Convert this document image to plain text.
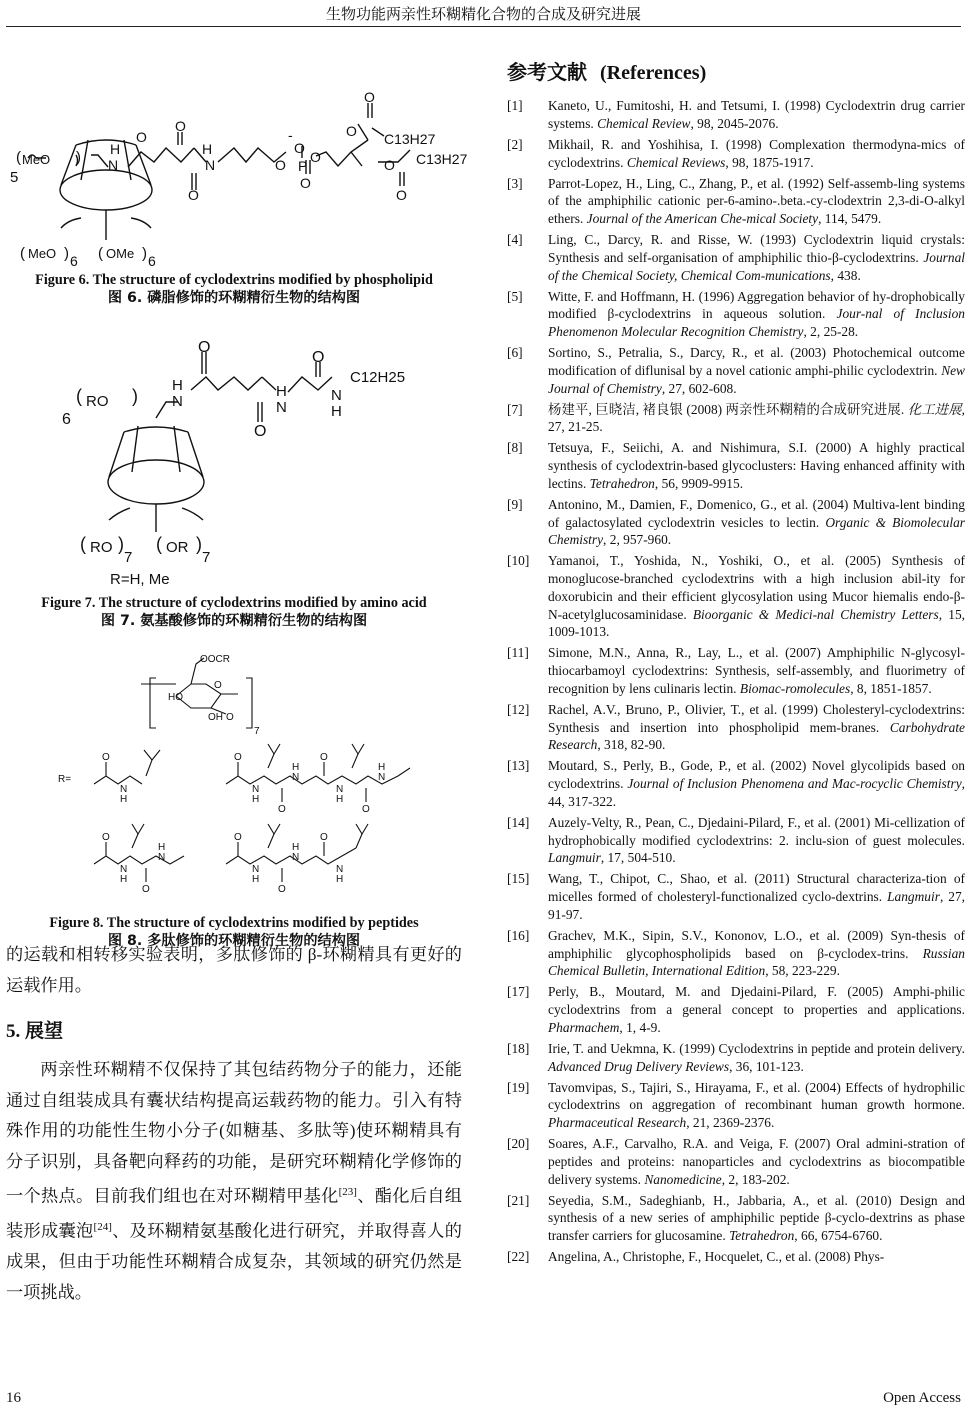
生物功能两亲性环糊精化合物的合成及研究进展
5
( MeO ) H
N
O
O
H
N
O
O
-
O
P
O
O
O
O C13H27
O
O
C13H27
( MeO ) 6 ( OMe ) 6
Figure 6. The structure of cyclodextrins modified by phospholipid
图 6. 磷脂修饰的环糊精衍生物的结构图
6
( RO )
H
N
O
H
N
O
O
N
H
C12H25
( RO )
7
( OR )
7
R=H, Me
Figure 7. The structure of cyclodextrins modified by amino acid
图 7. 氨基酸修饰的环糊精衍生物的结构图
OOCR
O
HO
OH O
7
R=
O
N
H
O
N
H
O
H
N
O
N
H
O
H
N
O
N
H
O
H
N
O
N
H
O
H
N
O
N
H
Figure 8. The structure of cyclodextrins modified by peptides
图 8. 多肽修饰的环糊精衍生物的结构图
的运载和相转移实验表明，多肽修饰的 β-环糊精具有更好的运载作用。
5. 展望
两亲性环糊精不仅保持了其包结药物分子的能力，还能通过自组装成具有囊状结构提高运载药物的能力。引入有特殊作用的功能性生物小分子(如糖基、多肽等)使环糊精具有分子识别，具备靶向释药的功能，是研究环糊精化学修饰的一个热点。目前我们组也在对环糊精甲基化[23]、酯化后自组装形成囊泡[24]、及环糊精氨基酸化进行研究，并取得喜人的成果，但由于功能性环糊精合成复杂，其领域的研究仍然是一项挑战。
参考文献 (References)
[1]	Kaneto, U., Fumitoshi, H. and Tetsumi, I. (1998) Cyclodextrin drug carrier systems. Chemical Review, 98, 2045-2076.
[2]	Mikhail, R. and Yoshihisa, I. (1998) Complexation thermodyna-mics of cyclodextrins. Chemical Reviews, 98, 1875-1917.
[3]	Parrot-Lopez, H., Ling, C., Zhang, P., et al. (1992) Self-assemb-ling systems of the amphiphilic cationic per-6-amino-.beta.-cy-clodextrin 2,3-di-O-alkyl ethers. Journal of the American Che-mical Society, 114, 5479.
[4]	Ling, C., Darcy, R. and Risse, W. (1993) Cyclodextrin liquid crystals: Synthesis and self-organisation of amphiphilic thio-β-cyclodextrins. Journal of the Chemical Society, Chemical Com-munications, 438.
[5]	Witte, F. and Hoffmann, H. (1996) Aggregation behavior of hy-drophobically modified β-cyclodextrins in aqueous solution. Jour-nal of Inclusion Phenomenon Molecular Recognition Chemistry, 2, 25-28.
[6]	Sortino, S., Petralia, S., Darcy, R., et al. (2003) Photochemical outcome modification of diflunisal by a novel cationic amphi-philic cyclodextrin. New Journal of Chemistry, 27, 602-608.
[7]	杨建平, 巨晓洁, 褚良银 (2008) 两亲性环糊精的合成研究进展. 化工进展, 27, 21-25.
[8]	Tetsuya, F., Seiichi, A. and Nishimura, S.I. (2000) A highly practical synthesis of cyclodextrin-based glycoclusters: Having enhanced affinity with lectins. Tetrahedron, 56, 9909-9915.
[9]	Antonino, M., Damien, F., Domenico, G., et al. (2004) Multiva-lent binding of galactosylated cyclodextrin vesicles to lectin. Organic & Biomolecular Chemistry, 2, 957-960.
[10]	Yamanoi, T., Yoshida, N., Yoshiki, O., et al. (2005) Synthesis of monoglucose-branched cyclodextrins with a high inclusion abil-ity for doxorubicin and their efficient glycosylation using Mucor hiemalis endo-β-N-acetylglucosaminidase. Bioorganic & Medici-nal Chemistry Letters, 15, 1009-1013.
[11]	Simone, M.N., Anna, R., Lay, L., et al. (2007) Amphiphilic N-glycosyl-thiocarbamoyl cyclodextrins: Synthesis, self-assembly, and fluorimetry of recognition by lens culinaris lectin. Biomac-romolecules, 8, 1851-1857.
[12]	Rachel, A.V., Bruno, P., Olivier, T., et al. (1999) Cholesteryl-cyclodextrins: Synthesis and insertion into phospholipid mem-branes. Carbohydrate Research, 318, 82-90.
[13]	Moutard, S., Perly, B., Gode, P., et al. (2002) Novel glycolipids based on cyclodextrins. Journal of Inclusion Phenomena and Mac-rocyclic Chemistry, 44, 317-322.
[14]	Auzely-Velty, R., Pean, C., Djedaini-Pilard, F., et al. (2001) Mi-cellization of hydrophobically modified cyclodextrins: 2. inclu-sion of guest molecules. Langmuir, 17, 504-510.
[15]	Wang, T., Chipot, C., Shao, et al. (2011) Structural characteriza-tion of micelles formed of cholesteryl-functionalized cyclo-dextrins. Langmuir, 27, 91-97.
[16]	Grachev, M.K., Sipin, S.V., Kononov, L.O., et al. (2009) Syn-thesis of amphiphilic glycophospholipids based on β-cyclodex-trins. Russian Chemical Bulletin, International Edition, 58, 223-229.
[17]	Perly, B., Moutard, M. and Djedaini-Pilard, F. (2005) Amphi-philic cyclodextrins from a general concept to properties and applications. Pharmachem, 1, 4-9.
[18]	Irie, T. and Uekmna, K. (1999) Cyclodextrins in peptide and protein delivery. Advanced Drug Delivery Reviews, 36, 101-123.
[19]	Tavomvipas, S., Tajiri, S., Hirayama, F., et al. (2004) Effects of hydrophilic cyclodextrins on aggregation of recombinant human growth hormone. Pharmaceutical Research, 21, 2369-2376.
[20]	Soares, A.F., Carvalho, R.A. and Veiga, F. (2007) Oral admini-stration of peptides and proteins: nanoparticles and cyclodextrins as biocompatible delivery systems. Nanomedicine, 2, 183-202.
[21]	Seyedia, S.M., Sadeghianb, H., Jabbaria, A., et al. (2010) Design and synthesis of a new series of amphiphilic peptide β-cyclo-dextrins as phase transfer carriers for glucosamine. Tetrahedron, 66, 6754-6760.
[22]	Angelina, A., Christophe, F., Hocquelet, C., et al. (2008) Phys-
16	Open Access
